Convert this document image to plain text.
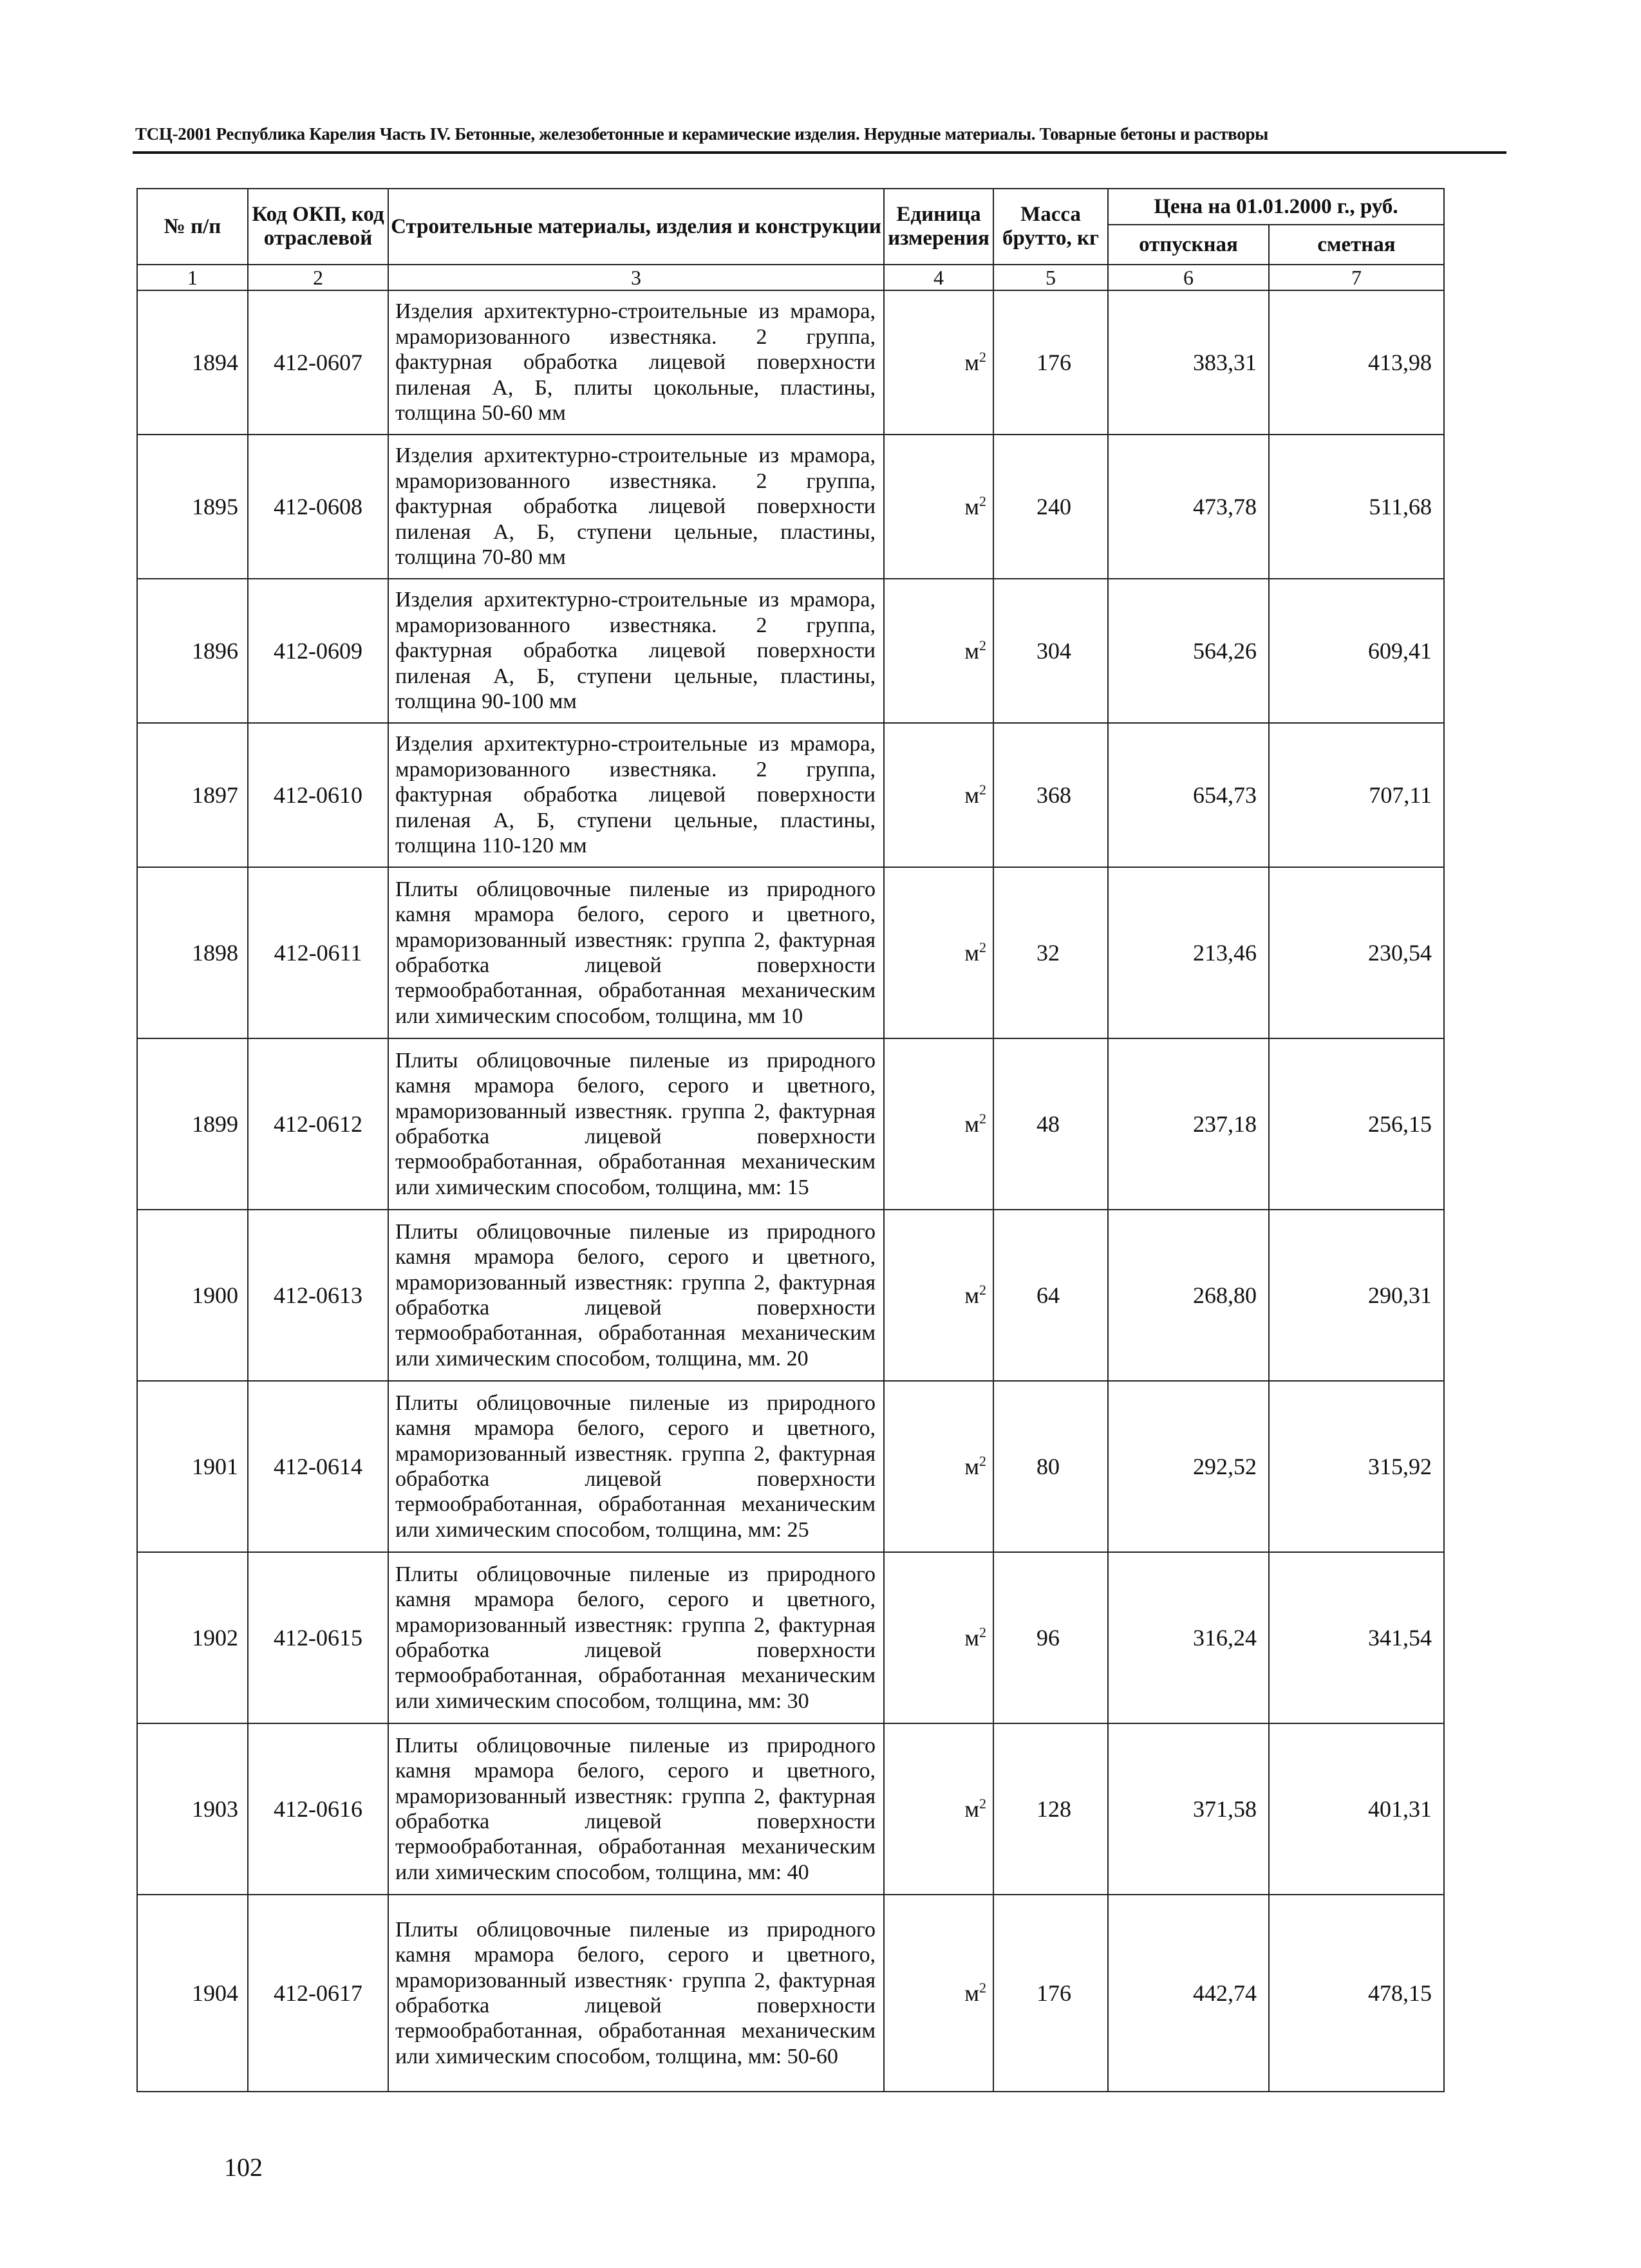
ТСЦ-2001 Республика Карелия Часть IV. Бетонные, железобетонные и керамические изделия. Нерудные материалы. Товарные бетоны и растворы
№ п/п	Код ОКП, код отраслевой	Строительные материалы, изделия и конструкции	Единица измерения	Масса брутто, кг	Цена на 01.01.2000 г., руб.	
					отпускная	сметная
1	2	3	4	5	6	7
1894	412-0607	Изделия архитектурно-строительные из мрамора, мраморизованного известняка. 2 группа, фактурная обработка лицевой поверхности пиленая А, Б, плиты цокольные, пластины, толщина 50-60 мм	$м^2$	176	383,31	413,98
1895	412-0608	Изделия архитектурно-строительные из мрамора, мраморизованного известняка. 2 группа, фактурная обработка лицевой поверхности пиленая А, Б, ступени цельные, пластины, толщина 70-80 мм	$м^2$	240	473,78	511,68
1896	412-0609	Изделия архитектурно-строительные из мрамора, мраморизованного известняка. 2 группа, фактурная обработка лицевой поверхности пиленая А, Б, ступени цельные, пластины, толщина 90-100 мм	$м^2$	304	564,26	609,41
1897	412-0610	Изделия архитектурно-строительные из мрамора, мраморизованного известняка. 2 группа, фактурная обработка лицевой поверхности пиленая А, Б, ступени цельные, пластины, толщина 110-120 мм	$м^2$	368	654,73	707,11
1898	412-0611	Плиты облицовочные пиленые из природного камня мрамора белого, серого и цветного, мраморизованный известняк: группа 2, фактурная обработка лицевой поверхности термообработанная, обработанная механическим или химическим способом, толщина, мм 10	$м^2$	32	213,46	230,54
1899	412-0612	Плиты облицовочные пиленые из природного камня мрамора белого, серого и цветного, мраморизованный известняк. группа 2, фактурная обработка лицевой поверхности термообработанная, обработанная механическим или химическим способом, толщина, мм: 15	$м^2$	48	237,18	256,15
1900	412-0613	Плиты облицовочные пиленые из природного камня мрамора белого, серого и цветного, мраморизованный известняк: группа 2, фактурная обработка лицевой поверхности термообработанная, обработанная механическим или химическим способом, толщина, мм. 20	$м^2$	64	268,80	290,31
1901	412-0614	Плиты облицовочные пиленые из природного камня мрамора белого, серого и цветного, мраморизованный известняк. группа 2, фактурная обработка лицевой поверхности термообработанная, обработанная механическим или химическим способом, толщина, мм: 25	$м^2$	80	292,52	315,92
1902	412-0615	Плиты облицовочные пиленые из природного камня мрамора белого, серого и цветного, мраморизованный известняк: группа 2, фактурная обработка лицевой поверхности термообработанная, обработанная механическим или химическим способом, толщина, мм: 30	$м^2$	96	316,24	341,54
1903	412-0616	Плиты облицовочные пиленые из природного камня мрамора белого, серого и цветного, мраморизованный известняк: группа 2, фактурная обработка лицевой поверхности термообработанная, обработанная механическим или химическим способом, толщина, мм: 40	$м^2$	128	371,58	401,31
1904	412-0617	Плиты облицовочные пиленые из природного камня мрамора белого, серого и цветного, мраморизованный известняк· группа 2, фактурная обработка лицевой поверхности термообработанная, обработанная механическим или химическим способом, толщина, мм: 50-60	$м^2$	176	442,74	478,15
102
